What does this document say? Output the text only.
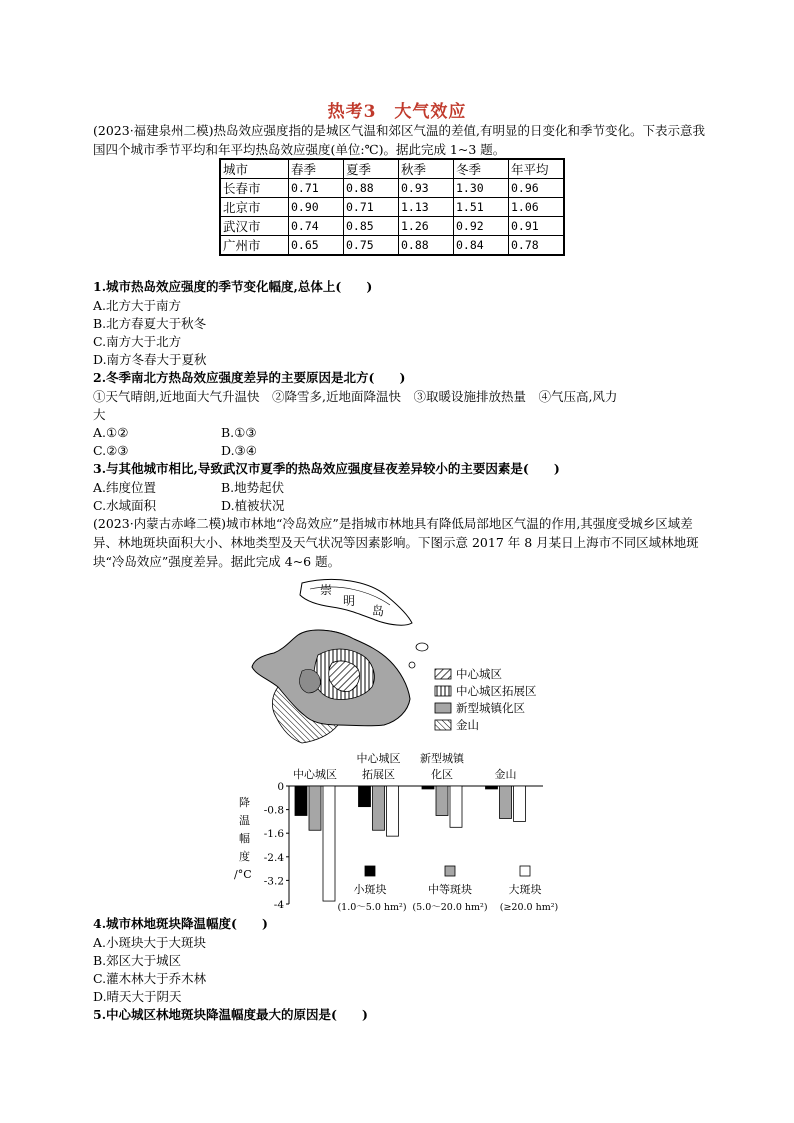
热考3　大气效应
(2023·福建泉州二模)热岛效应强度指的是城区气温和郊区气温的差值,有明显的日变化和季节变化。下表示意我国四个城市季节平均和年平均热岛效应强度(单位:℃)。据此完成 1~3 题。
城市	春季	夏季	秋季	冬季	年平均
长春市	0.71	0.88	0.93	1.30	0.96
北京市	0.90	0.71	1.13	1.51	1.06
武汉市	0.74	0.85	1.26	0.92	0.91
广州市	0.65	0.75	0.88	0.84	0.78
1.城市热岛效应强度的季节变化幅度,总体上(　　)
A.北方大于南方
B.北方春夏大于秋冬
C.南方大于北方
D.南方冬春大于夏秋
2.冬季南北方热岛效应强度差异的主要原因是北方(　　)
①天气晴朗,近地面大气升温快　②降雪多,近地面降温快　③取暖设施排放热量　④气压高,风力
大
A.①②	B.①③
C.②③	D.③④
3.与其他城市相比,导致武汉市夏季的热岛效应强度昼夜差异较小的主要因素是(　　)
A.纬度位置	B.地势起伏
C.水域面积	D.植被状况
(2023·内蒙古赤峰二模)城市林地“冷岛效应”是指城市林地具有降低局部地区气温的作用,其强度受城乡区域差异、林地斑块面积大小、林地类型及天气状况等因素影响。下图示意 2017 年 8 月某日上海市不同区域林地斑块“冷岛效应”强度差异。据此完成 4~6 题。
崇
明
岛
中心城区
中心城区拓展区
新型城镇化区
金山
0
-0.8
-1.6
-2.4
-3.2
-4
降
温
幅
度
/°C
中心城区
中心城区
拓展区
新型城镇
化区	金山
小斑块
(1.0～5.0 hm²)
中等斑块
(5.0～20.0 hm²)
大斑块
(≥20.0 hm²)
4.城市林地斑块降温幅度(　　)
A.小斑块大于大斑块
B.郊区大于城区
C.灌木林大于乔木林
D.晴天大于阴天
5.中心城区林地斑块降温幅度最大的原因是(　　)
